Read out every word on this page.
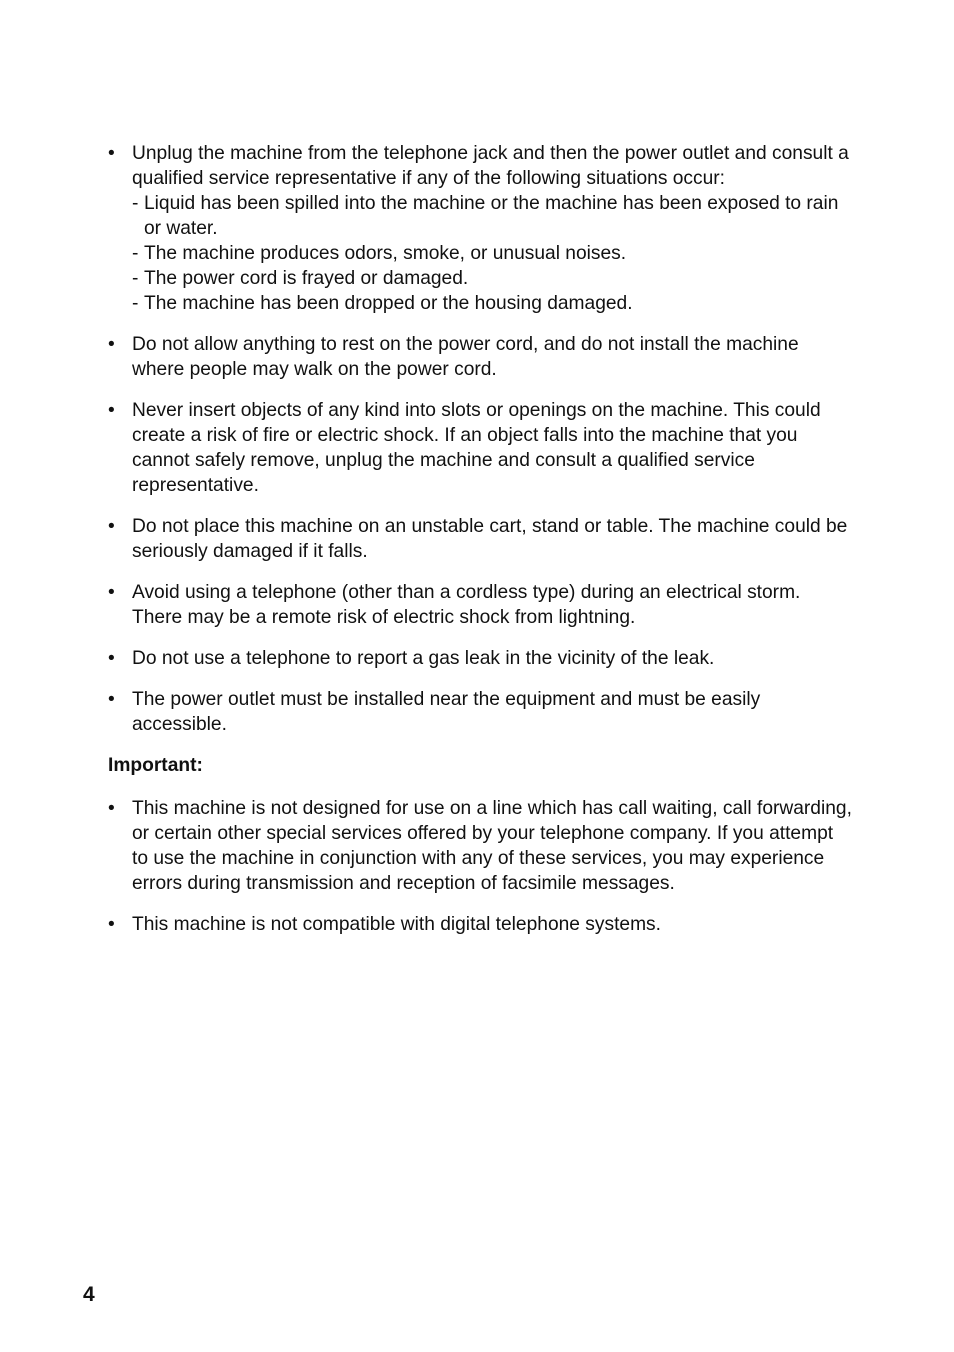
• Unplug the machine from the telephone jack and then the power outlet and consult a qualified service representative if any of the following situations occur:
- Liquid has been spilled into the machine or the machine has been exposed to rain or water.
- The machine produces odors, smoke, or unusual noises.
- The power cord is frayed or damaged.
- The machine has been dropped or the housing damaged.
• Do not allow anything to rest on the power cord, and do not install the machine where people may walk on the power cord.
• Never insert objects of any kind into slots or openings on the machine. This could create a risk of fire or electric shock. If an object falls into the machine that you cannot safely remove, unplug the machine and consult a qualified service representative.
• Do not place this machine on an unstable cart, stand or table. The machine could be seriously damaged if it falls.
• Avoid using a telephone (other than a cordless type) during an electrical storm. There may be a remote risk of electric shock from lightning.
• Do not use a telephone to report a gas leak in the vicinity of the leak.
• The power outlet must be installed near the equipment and must be easily accessible.
Important:
• This machine is not designed for use on a line which has call waiting, call forwarding, or certain other special services offered by your telephone company. If you attempt to use the machine in conjunction with any of these services, you may experience errors during transmission and reception of facsimile messages.
• This machine is not compatible with digital telephone systems.
4
